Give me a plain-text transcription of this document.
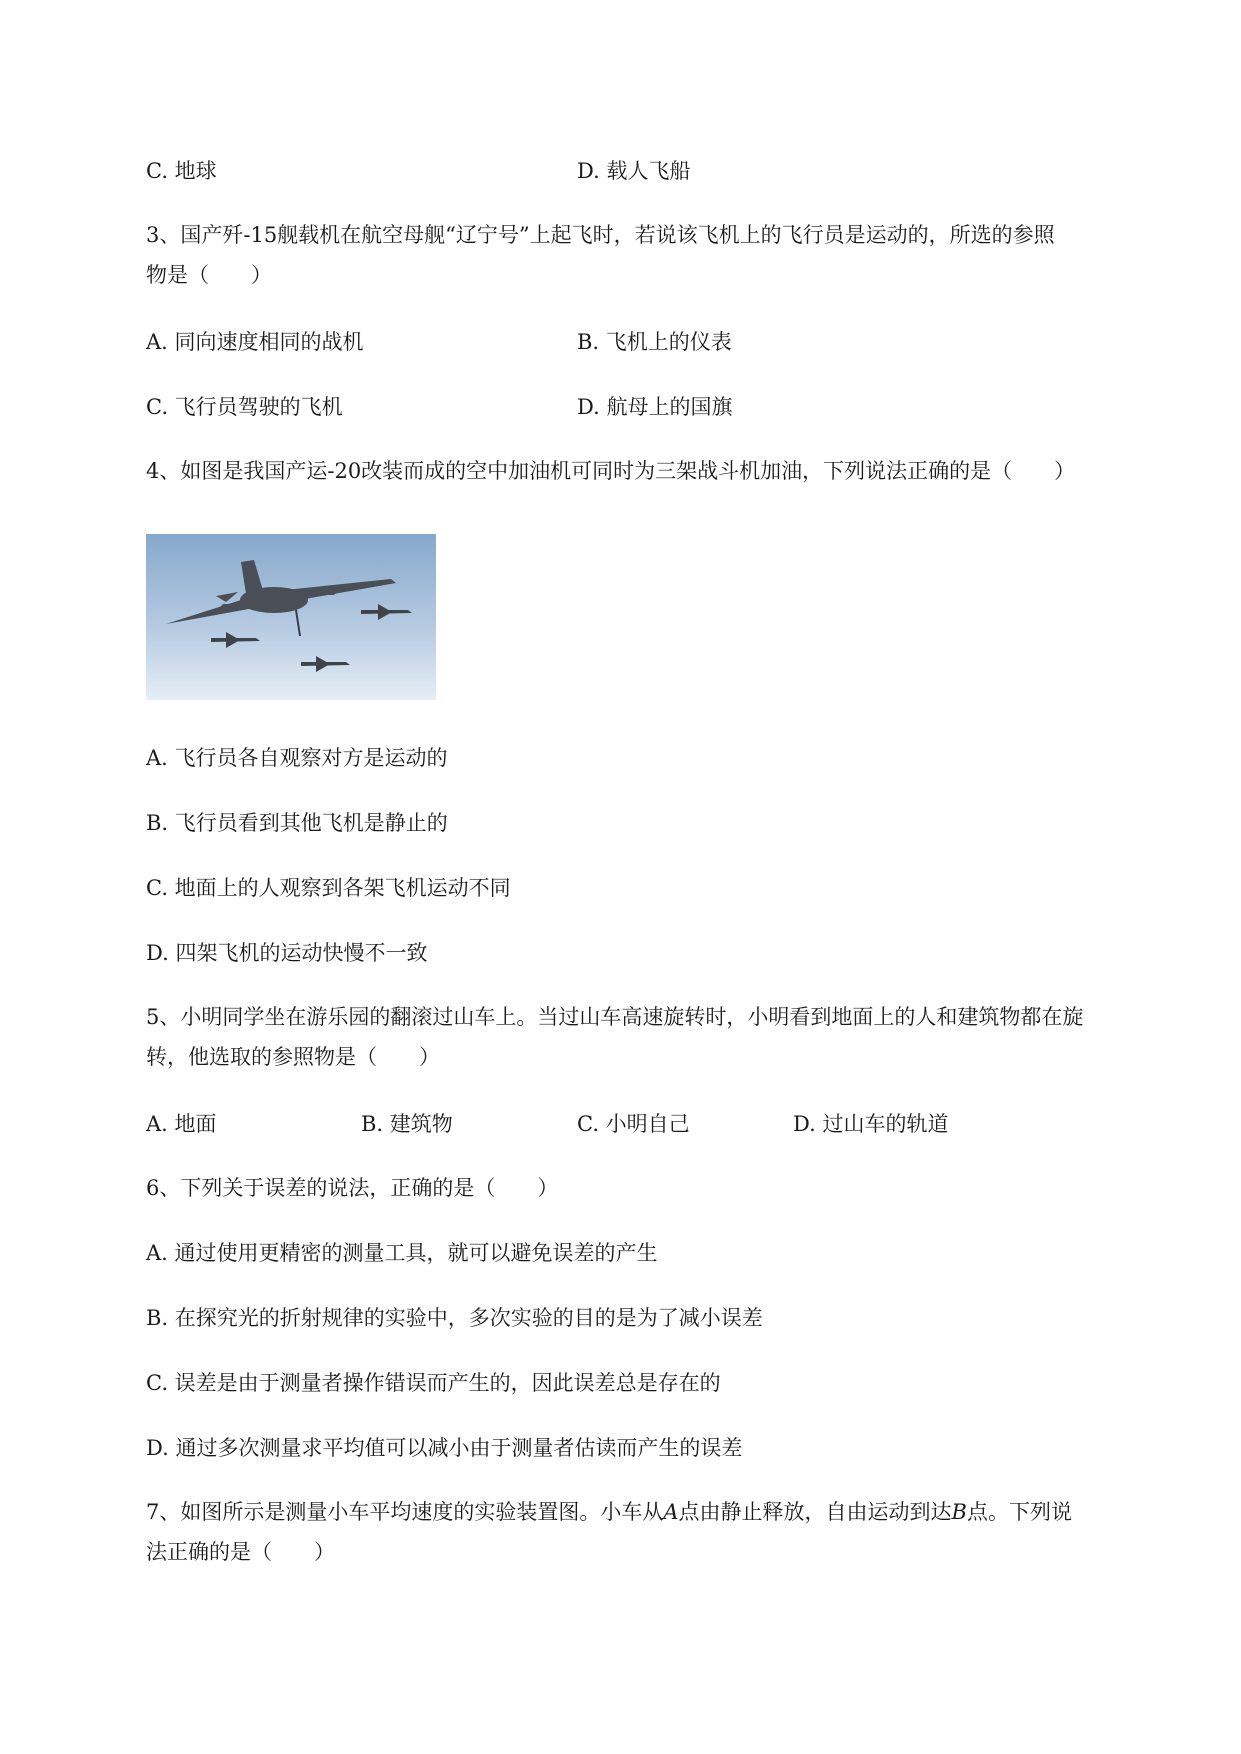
C. 地球	D. 载人飞船
3、国产歼-15舰载机在航空母舰“辽宁号”上起飞时，若说该飞机上的飞行员是运动的，所选的参照
物是（　　）
A. 同向速度相同的战机	B. 飞机上的仪表
C. 飞行员驾驶的飞机	D. 航母上的国旗
4、如图是我国产运-20改装而成的空中加油机可同时为三架战斗机加油，下列说法正确的是（　　）
A. 飞行员各自观察对方是运动的
B. 飞行员看到其他飞机是静止的
C. 地面上的人观察到各架飞机运动不同
D. 四架飞机的运动快慢不一致
5、小明同学坐在游乐园的翻滚过山车上。当过山车高速旋转时，小明看到地面上的人和建筑物都在旋
转，他选取的参照物是（　　）
A. 地面	B. 建筑物	C. 小明自己	D. 过山车的轨道
6、下列关于误差的说法，正确的是（　　）
A. 通过使用更精密的测量工具，就可以避免误差的产生
B. 在探究光的折射规律的实验中，多次实验的目的是为了减小误差
C. 误差是由于测量者操作错误而产生的，因此误差总是存在的
D. 通过多次测量求平均值可以减小由于测量者估读而产生的误差
7、如图所示是测量小车平均速度的实验装置图。小车从A点由静止释放，自由运动到达B点。下列说
法正确的是（　　）
